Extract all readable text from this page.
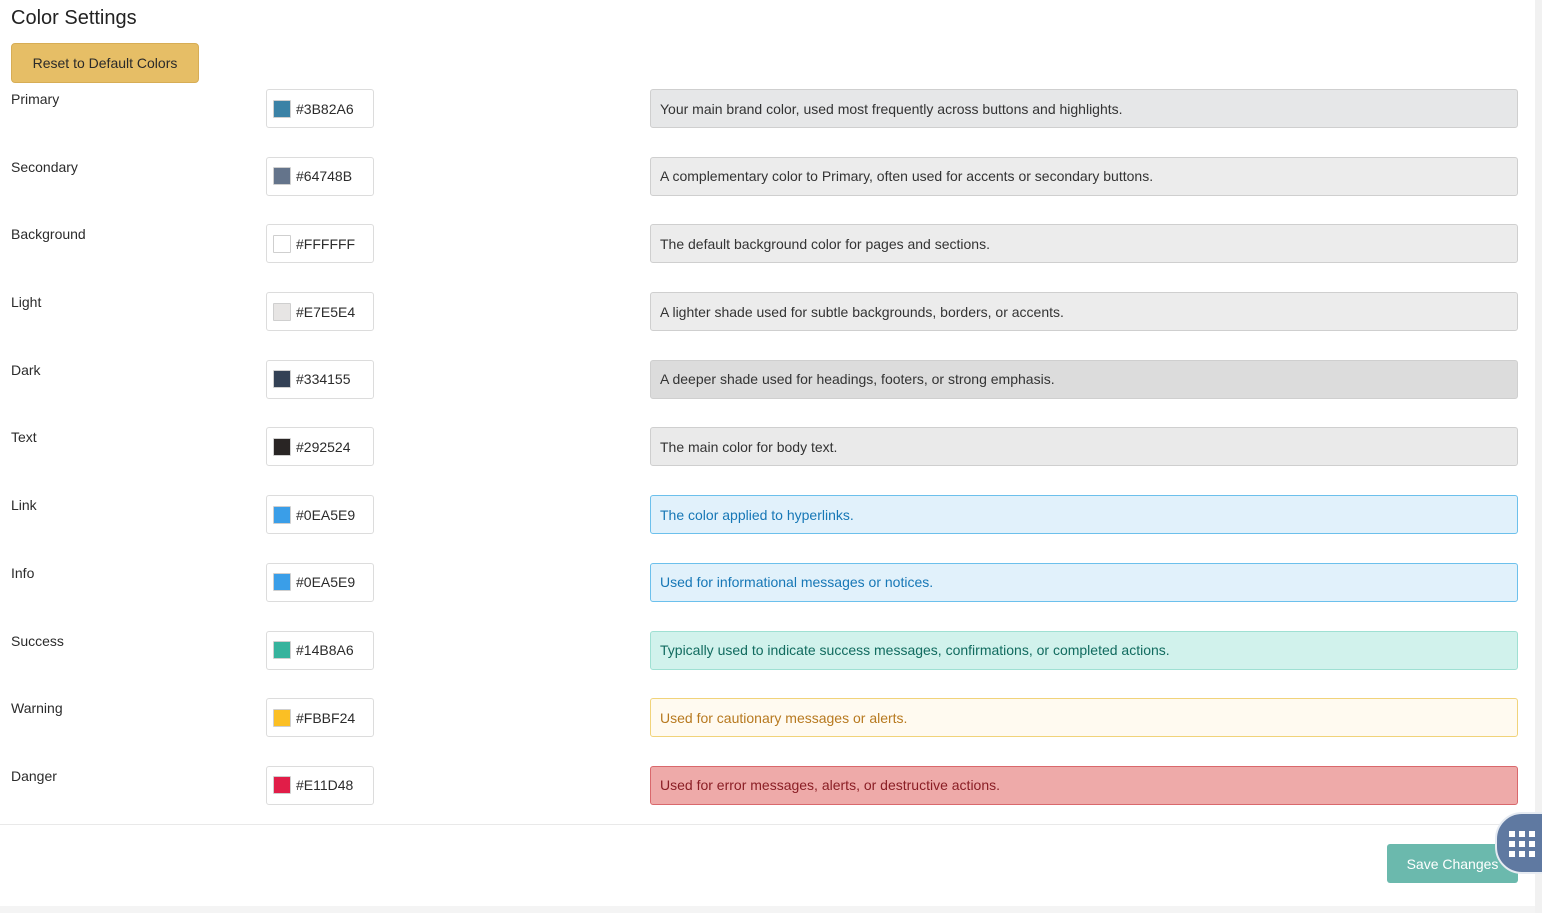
Color Settings
Reset to Default Colors
Primary
#3B82A6	Your main brand color, used most frequently across buttons and highlights.
Secondary
#64748B	A complementary color to Primary, often used for accents or secondary buttons.
Background
#FFFFFF	The default background color for pages and sections.
Light
#E7E5E4	A lighter shade used for subtle backgrounds, borders, or accents.
Dark
#334155	A deeper shade used for headings, footers, or strong emphasis.
Text
#292524	The main color for body text.
Link
#0EA5E9	The color applied to hyperlinks.
Info
#0EA5E9	Used for informational messages or notices.
Success
#14B8A6	Typically used to indicate success messages, confirmations, or completed actions.
Warning
#FBBF24	Used for cautionary messages or alerts.
Danger
#E11D48	Used for error messages, alerts, or destructive actions.
Save Changes
